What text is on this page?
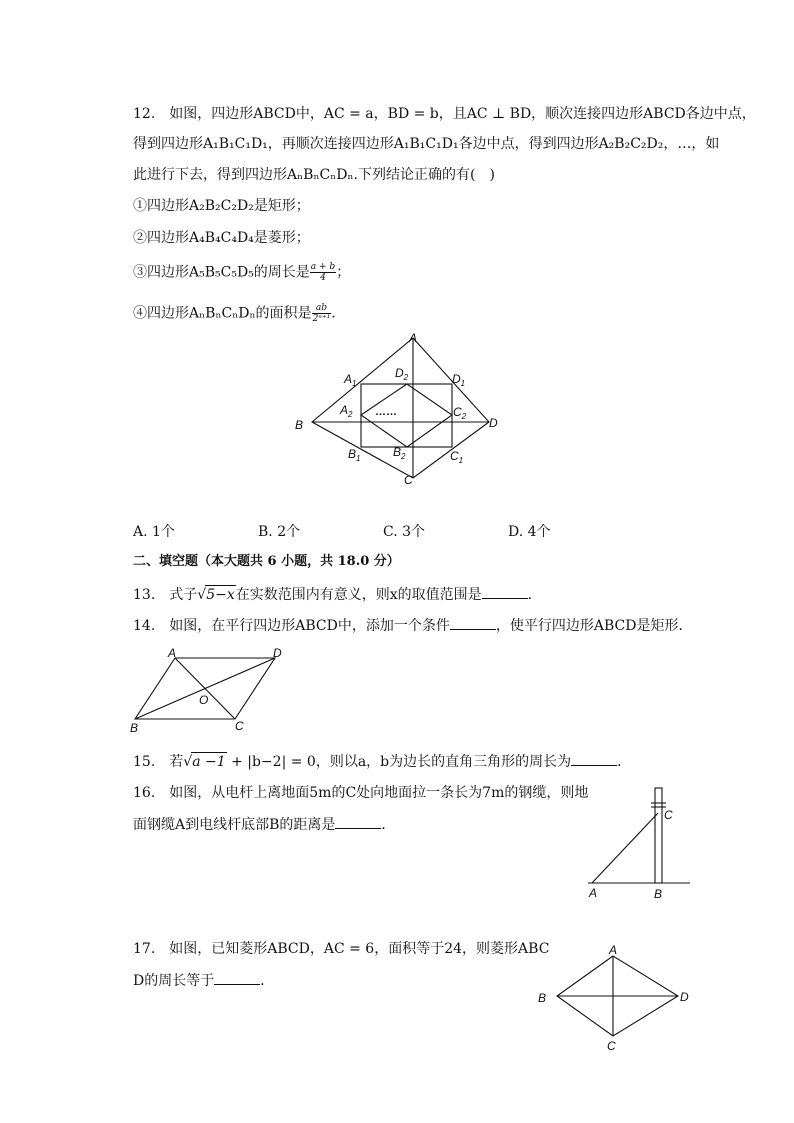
12.　如图，四边形ABCD中，AC = a，BD = b，且AC ⊥ BD，顺次连接四边形ABCD各边中点，
得到四边形A₁B₁C₁D₁，再顺次连接四边形A₁B₁C₁D₁各边中点，得到四边形A₂B₂C₂D₂，…，如
此进行下去，得到四边形AₙBₙCₙDₙ.下列结论正确的有(　)
①四边形A₂B₂C₂D₂是矩形；
②四边形A₄B₄C₄D₄是菱形；
③四边形A₅B₅C₅D₅的周长是 $\frac{a + b}{4}$ ；
④四边形AₙBₙCₙDₙ的面积是 $\frac{ab}{\text{2ⁿ⁺¹}}$ .
A
B
C
D
$A_1$
$B_1$	$C_1$
$D_1$
$A_2$
$B_2$
$C_2$
$D_2$
……
A. 1个	B. 2个	C. 3个	D. 4个
二、填空题（本大题共 6 小题，共 18.0 分）
13.　式子√5−x在实数范围内有意义，则x的取值范围是	．
14.　如图，在平行四边形ABCD中，添加一个条件	，使平行四边形ABCD是矩形．
A	D
B	C
O
15.　若√a −1 + |b−2| = 0，则以a，b为边长的直角三角形的周长为	．
16.　如图，从电杆上离地面5m的C处向地面拉一条长为7m的钢缆，则地
面钢缆A到电线杆底部B的距离是	．
C
A	B
17.　如图，已知菱形ABCD，AC = 6，面积等于24，则菱形ABC
D的周长等于	．
A
B
C
D
